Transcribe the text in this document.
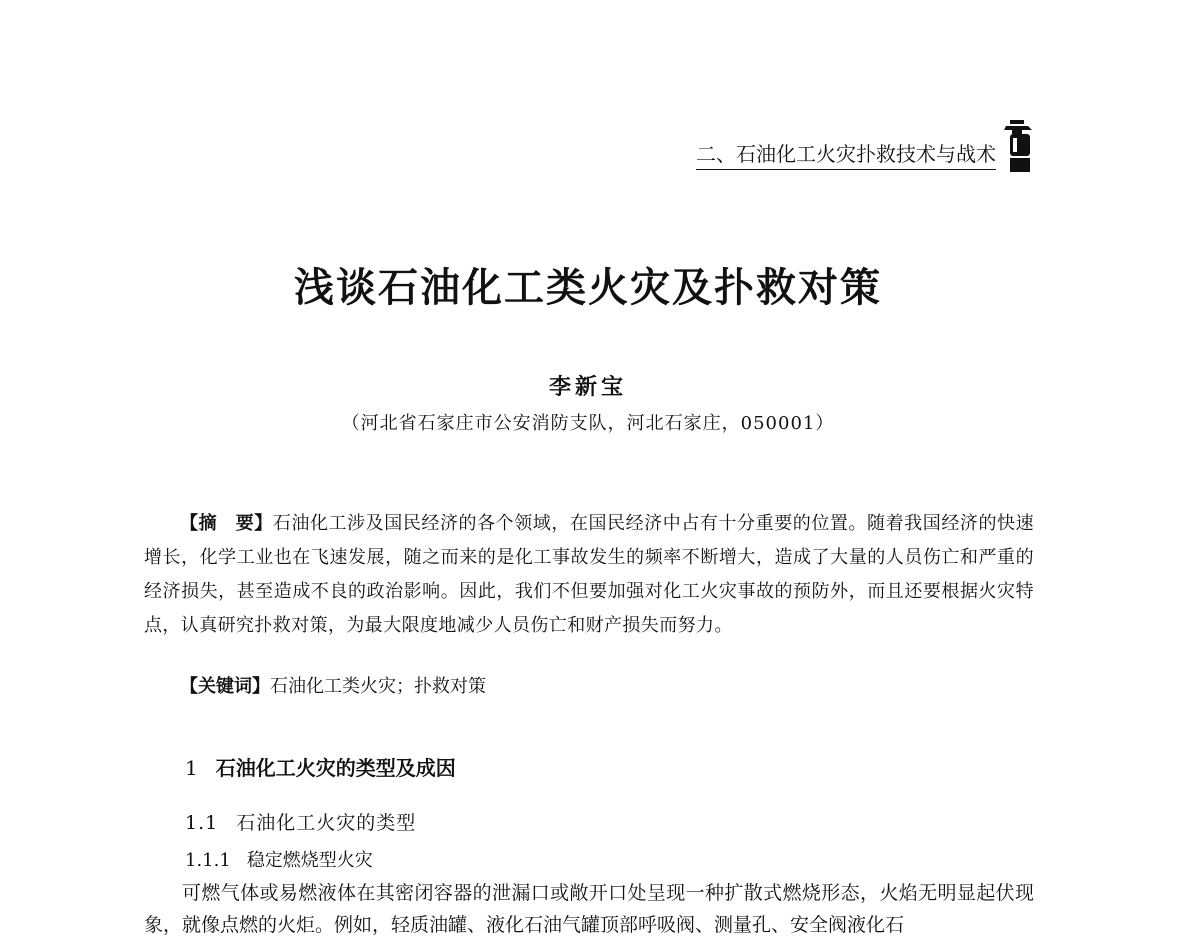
二、石油化工火灾扑救技术与战术
浅谈石油化工类火灾及扑救对策
李新宝
（河北省石家庄市公安消防支队，河北石家庄，050001）
【摘　要】石油化工涉及国民经济的各个领域，在国民经济中占有十分重要的位置。随着我国经济的快速增长，化学工业也在飞速发展，随之而来的是化工事故发生的频率不断增大，造成了大量的人员伤亡和严重的经济损失，甚至造成不良的政治影响。因此，我们不但要加强对化工火灾事故的预防外，而且还要根据火灾特点，认真研究扑救对策，为最大限度地减少人员伤亡和财产损失而努力。
【关键词】石油化工类火灾；扑救对策
1 石油化工火灾的类型及成因
1.1 石油化工火灾的类型
1.1.1 稳定燃烧型火灾
可燃气体或易燃液体在其密闭容器的泄漏口或敞开口处呈现一种扩散式燃烧形态，火焰无明显起伏现象，就像点燃的火炬。例如，轻质油罐、液化石油气罐顶部呼吸阀、测量孔、安全阀液化石
